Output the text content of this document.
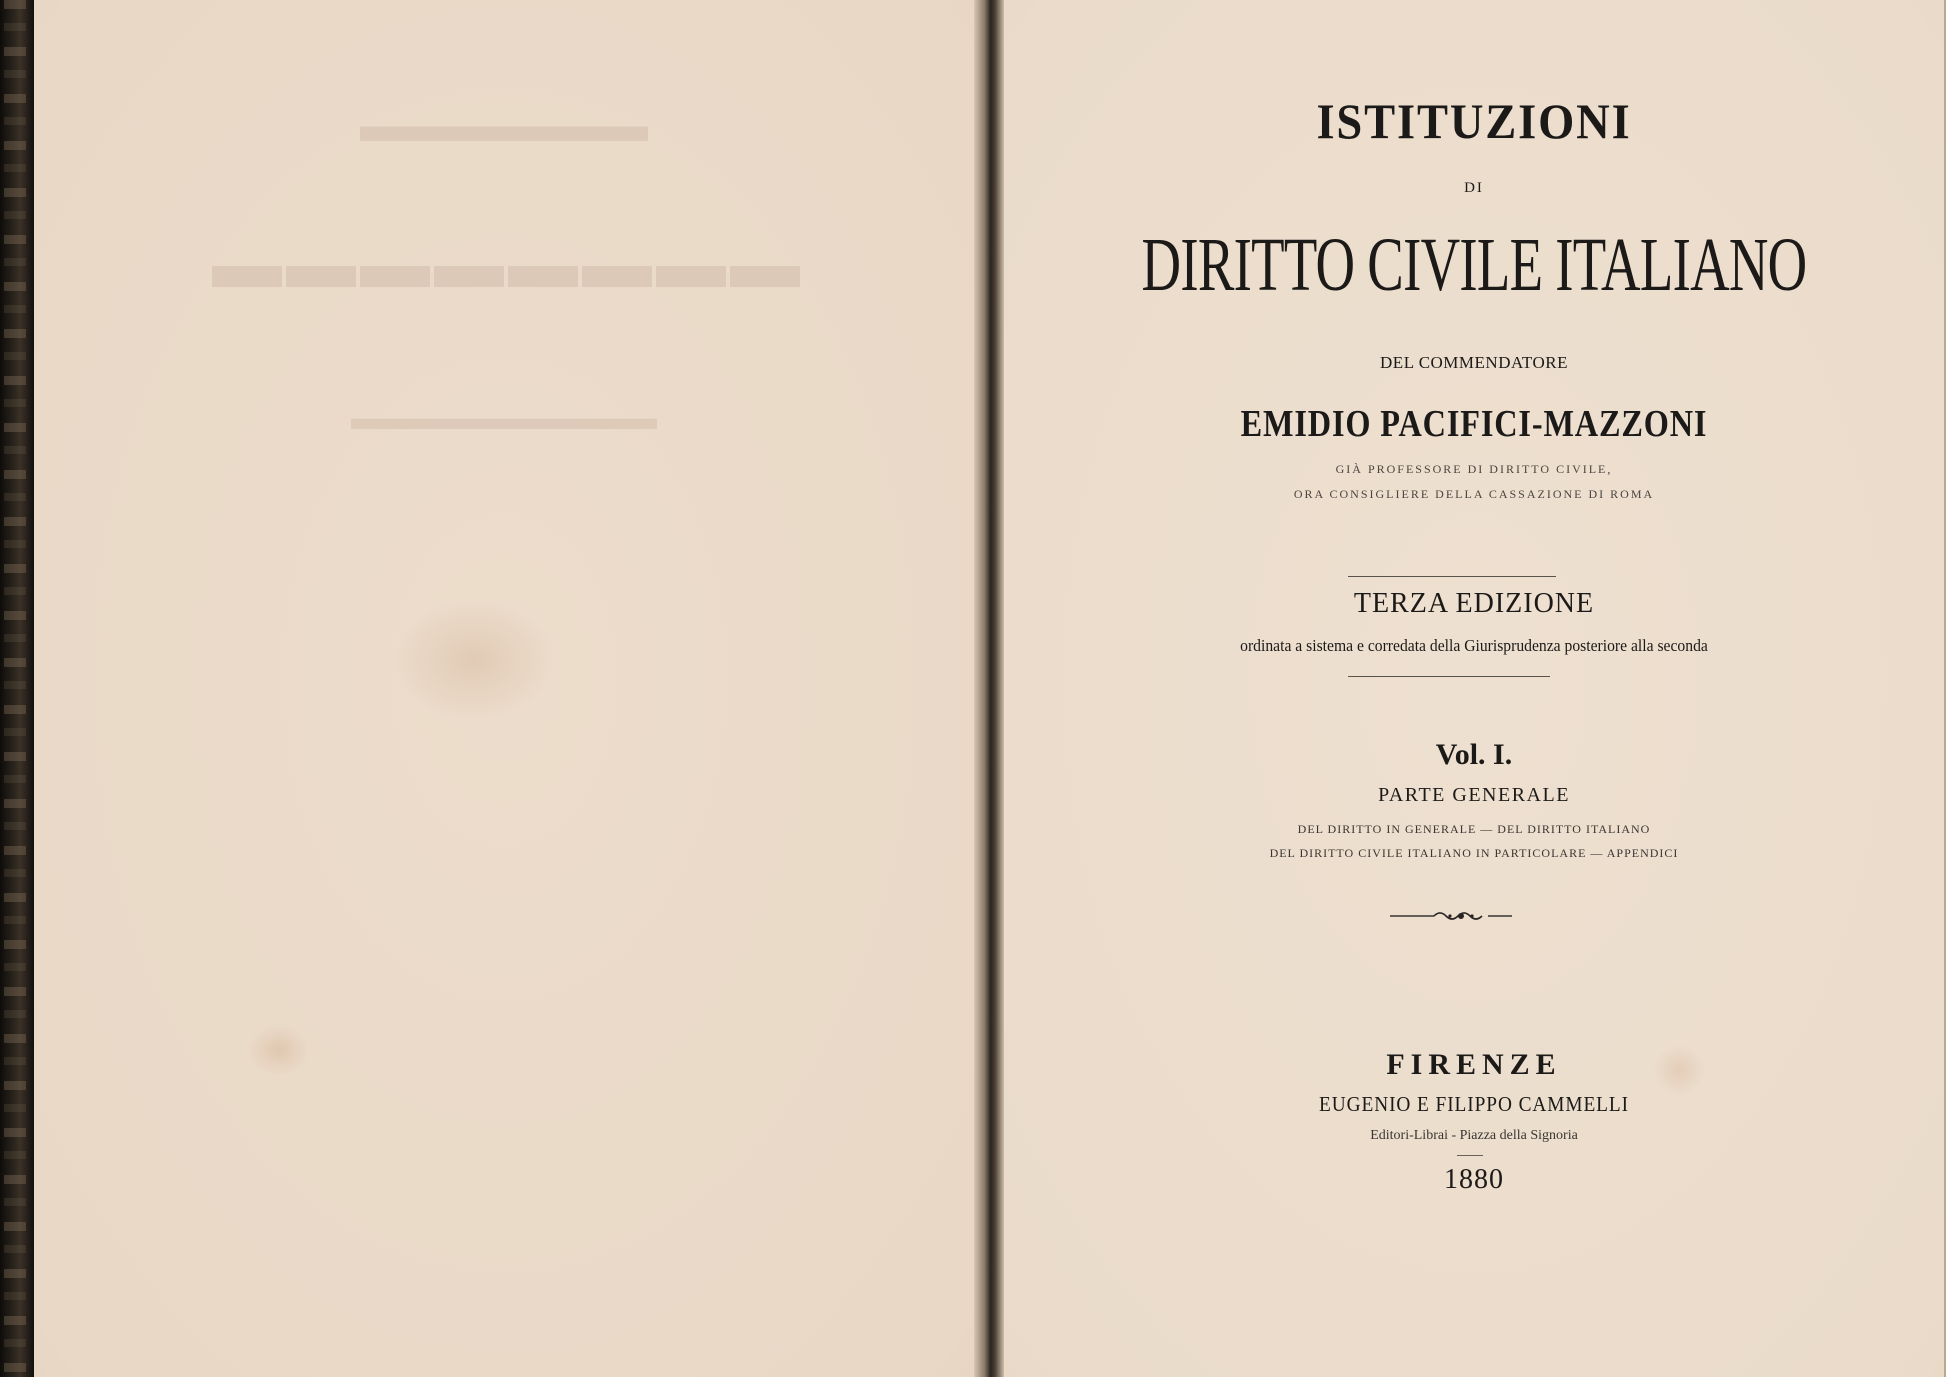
▬▬▬▬▬▬
▬▬▬▬▬▬▬▬
▬▬▬▬▬▬▬▬▬
ISTITUZIONI
DI
DIRITTO CIVILE ITALIANO
DEL COMMENDATORE
EMIDIO PACIFICI-MAZZONI
GIÀ PROFESSORE DI DIRITTO CIVILE,
ORA CONSIGLIERE DELLA CASSAZIONE DI ROMA
TERZA EDIZIONE
ordinata a sistema e corredata della Giurisprudenza posteriore alla seconda
Vol. I.
PARTE GENERALE
DEL DIRITTO IN GENERALE — DEL DIRITTO ITALIANO
DEL DIRITTO CIVILE ITALIANO IN PARTICOLARE — APPENDICI
FIRENZE
EUGENIO E FILIPPO CAMMELLI
Editori-Librai - Piazza della Signoria
1880
